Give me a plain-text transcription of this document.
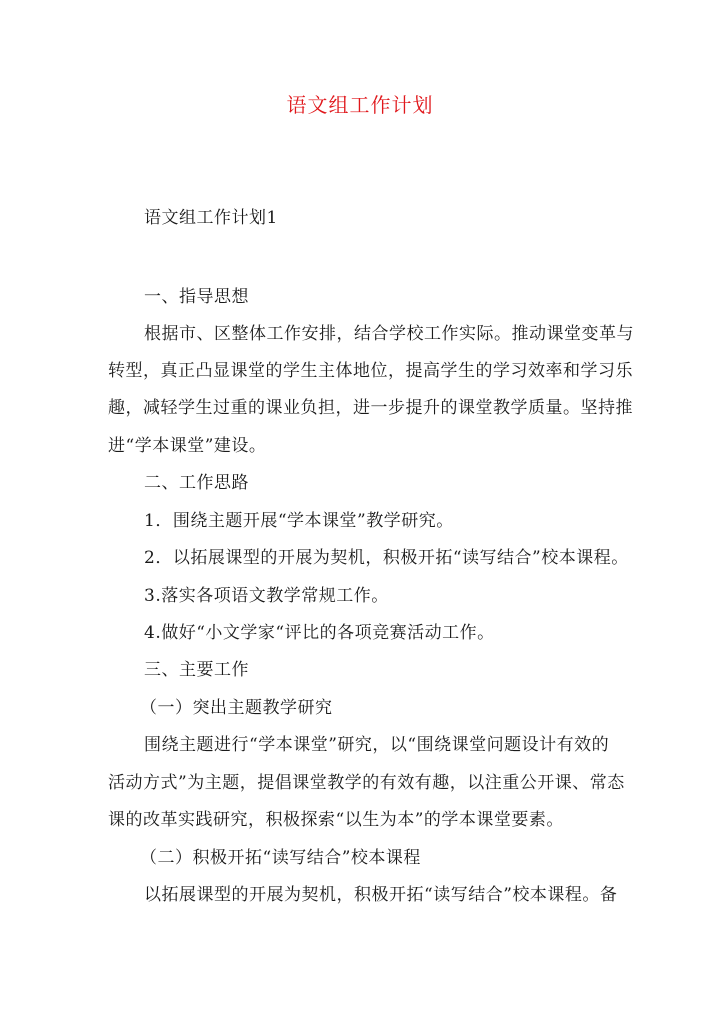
语文组工作计划
语文组工作计划1
一、指导思想
根据市、区整体工作安排，结合学校工作实际。推动课堂变革与
转型，真正凸显课堂的学生主体地位，提高学生的学习效率和学习乐
趣，减轻学生过重的课业负担，进一步提升的课堂教学质量。坚持推
进“学本课堂”建设。
二、工作思路
1．围绕主题开展“学本课堂”教学研究。
2．以拓展课型的开展为契机，积极开拓“读写结合”校本课程。
3.落实各项语文教学常规工作。
4.做好“小文学家“评比的各项竞赛活动工作。
三、主要工作
（一）突出主题教学研究
围绕主题进行“学本课堂”研究，以“围绕课堂问题设计有效的
活动方式”为主题，提倡课堂教学的有效有趣，以注重公开课、常态
课的改革实践研究，积极探索“以生为本”的学本课堂要素。
（二）积极开拓“读写结合”校本课程
以拓展课型的开展为契机，积极开拓“读写结合”校本课程。备
